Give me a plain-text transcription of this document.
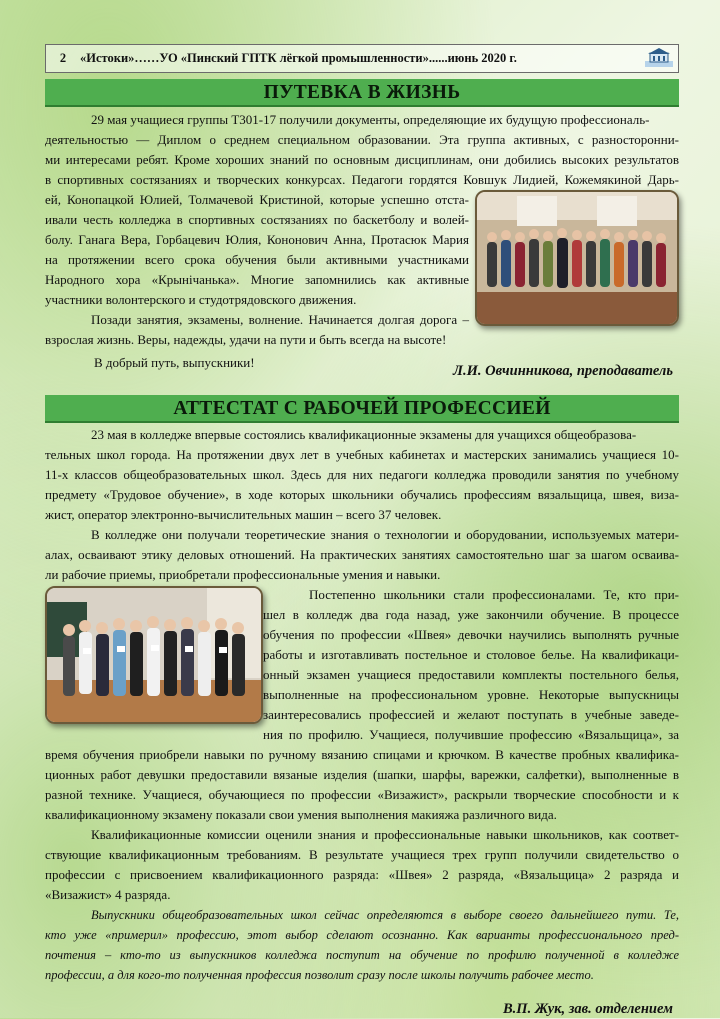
2	«Истоки»……УО «Пинский ГПТК лёгкой промышленности»......июнь 2020 г.
ПУТЕВКА В ЖИЗНЬ

29 мая учащиеся группы Т301-17 получили документы, определяющие их будущую профессиональ-

деятельностью — Диплом о среднем специальном образовании. Эта группа активных, с разносторонни-
ми интересами ребят. Кроме хороших знаний по основным дисциплинам, они добились высоких результатов
в спортивных состязаниях и творческих конкурсах. Педагоги гордятся Ковшук Лидией, Кожемякиной Дарь-
ей, Конопацкой Юлией, Толмачевой Кристиной, которые успешно отста-
ивали честь колледжа в спортивных состязаниях по баскетболу и волей-
болу. Ганага Вера, Горбацевич Юлия, Кононович Анна, Протасюк Мария
на протяжении всего срока обучения были активными участниками
Народного хора «Крынiчанька». Многие запомнились как активные
участники волонтерского и студотрядовского движения.
Позади занятия, экзамены, волнение. Начинается долгая дорога –
взрослая жизнь. Веры, надежды, удачи на пути и быть всегда на высоте!
В добрый путь, выпускники!
Л.И. Овчинникова, преподаватель
АТТЕСТАТ С РАБОЧЕЙ ПРОФЕССИЕЙ

23 мая в колледже впервые состоялись квалификационные экзамены для учащихся общеобразова-

тельных школ города. На протяжении двух лет в учебных кабинетах и мастерских занимались учащиеся 10-
11-х классов общеобразовательных школ. Здесь для них педагоги колледжа проводили занятия по учебному
предмету «Трудовое обучение», в ходе которых школьники обучались профессиям вязальщица, швея, виза-
жист, оператор электронно-вычислительных машин – всего 37 человек.
В колледже они получали теоретические знания о технологии и оборудовании, используемых матери-
алах, осваивают этику деловых отношений. На практических занятиях самостоятельно шаг за шагом осваива-
ли рабочие приемы, приобретали профессиональные умения и навыки.
Постепенно школьники стали профессионалами. Те, кто при-
шел в колледж два года назад, уже закончили обучение. В процессе
обучения по профессии «Швея» девочки научились выполнять ручные
работы и изготавливать постельное и столовое белье. На квалификаци-
онный экзамен учащиеся предоставили комплекты постельного белья,
выполненные на профессиональном уровне. Некоторые выпускницы
заинтересовались профессией и желают поступать в учебные заведе-
ния по профилю. Учащиеся, получившие профессию «Вязальщица», за
время обучения приобрели навыки по ручному вязанию спицами и крючком. В качестве пробных квалифика-
ционных работ девушки предоставили вязаные изделия (шапки, шарфы, варежки, салфетки), выполненные в
разной технике. Учащиеся, обучающиеся по профессии «Визажист», раскрыли творческие способности и к
квалификационному экзамену показали свои умения выполнения макияжа различного вида.
Квалификационные комиссии оценили знания и профессиональные навыки школьников, как соответ-
ствующие квалификационным требованиям. В результате учащиеся трех групп получили свидетельство о
профессии с присвоением квалификационного разряда: «Швея» 2 разряда, «Вязальщица» 2 разряда и
«Визажист» 4 разряда.
Выпускники общеобразовательных школ сейчас определяются в выборе своего дальнейшего пути. Те,
кто уже «примерил» профессию, этот выбор сделают осознанно. Как варианты профессионального пред-
почтения – кто-то из выпускников колледжа поступит на обучение по профилю полученной в колледже
профессии, а для кого-то полученная профессия позволит сразу после школы получить рабочее место.
В.П. Жук, зав. отделением
